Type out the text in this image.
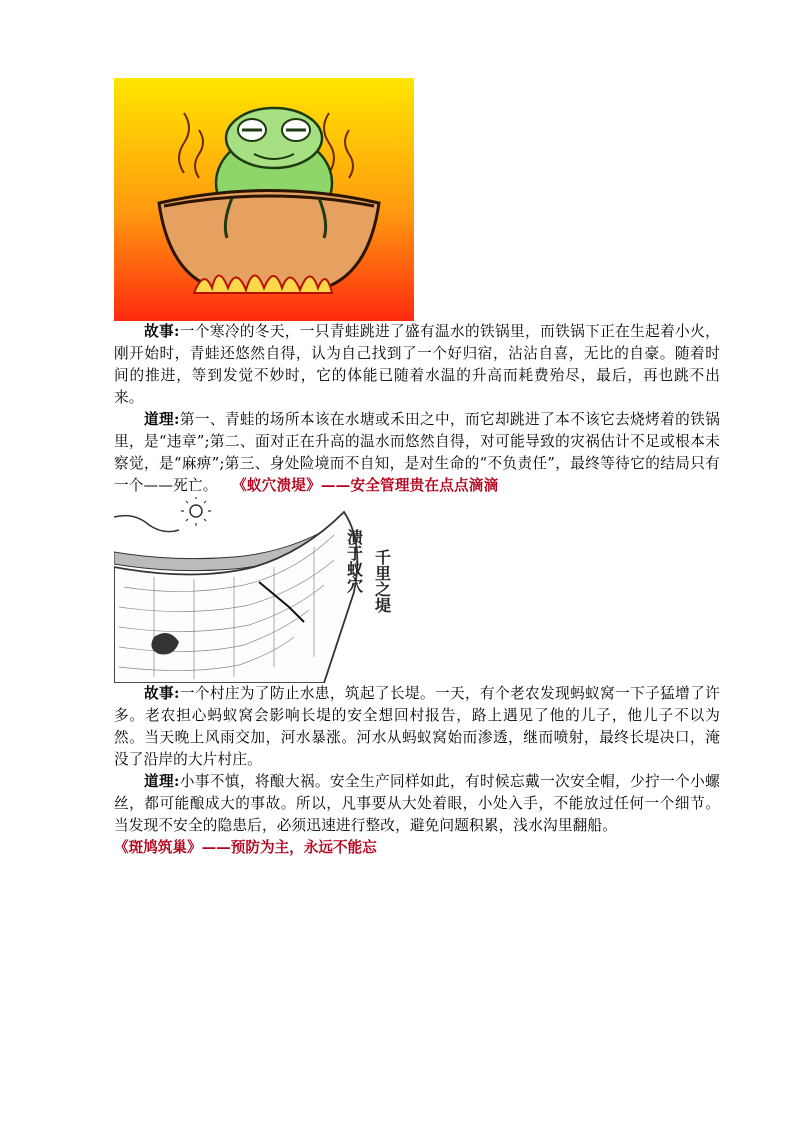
故事:一个寒冷的冬天，一只青蛙跳进了盛有温水的铁锅里，而铁锅下正在生起着小火，刚开始时，青蛙还悠然自得，认为自己找到了一个好归宿，沾沾自喜，无比的自豪。随着时间的推进，等到发觉不妙时，它的体能已随着水温的升高而耗费殆尽，最后，再也跳不出来。

道理:第一、青蛙的场所本该在水塘或禾田之中，而它却跳进了本不该它去烧烤着的铁锅里，是“违章”;第二、面对正在升高的温水而悠然自得，对可能导致的灾祸估计不足或根本未察觉，是“麻痹”;第三、身处险境而不自知，是对生命的“不负责任”，最终等待它的结局只有一个——死亡。 《蚁穴溃堤》——安全管理贵在点点滴滴

溃于蚁穴 千里之堤

故事:一个村庄为了防止水患，筑起了长堤。一天，有个老农发现蚂蚁窝一下子猛增了许多。老农担心蚂蚁窝会影响长堤的安全想回村报告，路上遇见了他的儿子，他儿子不以为然。当天晚上风雨交加，河水暴涨。河水从蚂蚁窝始而渗透，继而喷射，最终长堤决口，淹没了沿岸的大片村庄。

道理:小事不慎，将酿大祸。安全生产同样如此，有时候忘戴一次安全帽，少拧一个小螺丝，都可能酿成大的事故。所以，凡事要从大处着眼，小处入手，不能放过任何一个细节。当发现不安全的隐患后，必须迅速进行整改，避免问题积累，浅水沟里翻船。

《斑鸠筑巢》——预防为主，永远不能忘
